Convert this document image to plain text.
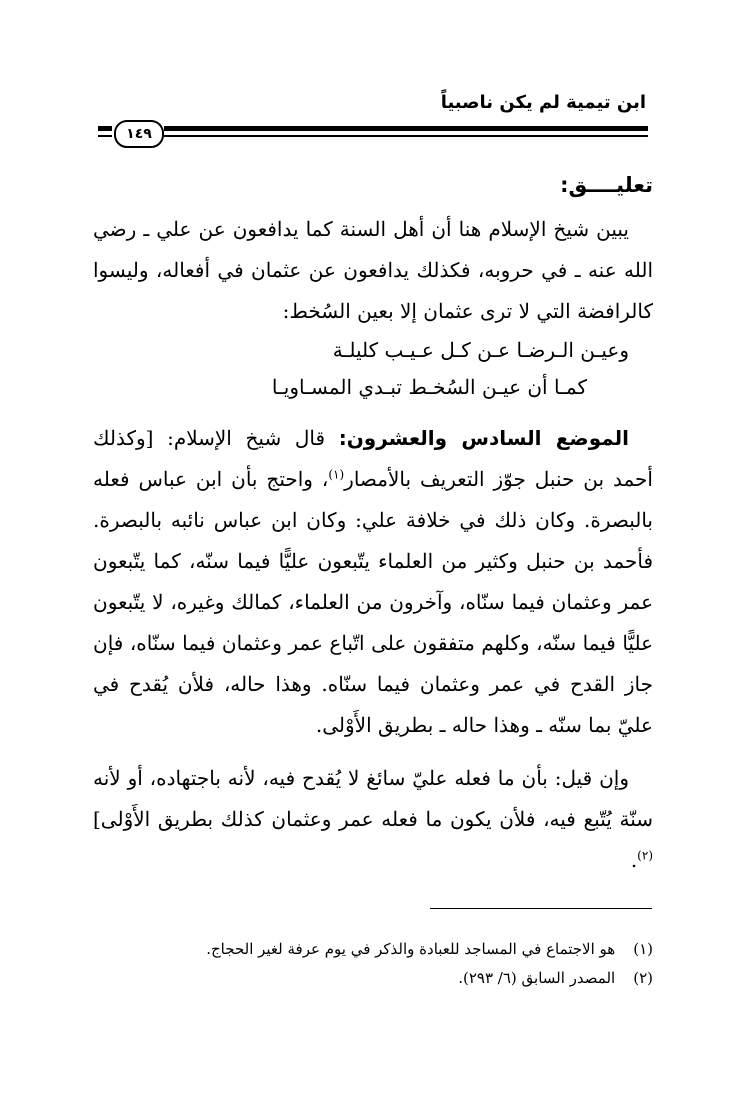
ابن تيمية لم يكن ناصبياً
١٤٩
تعليــــق:

يبين شيخ الإسلام هنا أن أهل السنة كما يدافعون عن علي ـ رضي الله عنه ـ في حروبه، فكذلك يدافعون عن عثمان في أفعاله، وليسوا كالرافضة التي لا ترى عثمان إلا بعين السُخط:

وعيـن الـرضـا عـن كـل عـيـب كليلـة
كمـا أن عيـن السُخـط تبـدي المسـاويـا

الموضع السادس والعشرون: قال شيخ الإسلام: [وكذلك أحمد بن حنبل جوّز التعريف بالأمصار$^{(١)}$، واحتج بأن ابن عباس فعله بالبصرة. وكان ذلك في خلافة علي: وكان ابن عباس نائبه بالبصرة. فأحمد بن حنبل وكثير من العلماء يتّبعون عليًّا فيما سنّه، كما يتّبعون عمر وعثمان فيما سنّاه، وآخرون من العلماء، كمالك وغيره، لا يتّبعون عليًّا فيما سنّه، وكلهم متفقون على اتّباع عمر وعثمان فيما سنّاه، فإن جاز القدح في عمر وعثمان فيما سنّاه. وهذا حاله، فلأن يُقدح في عليّ بما سنّه ـ وهذا حاله ـ بطريق الأَوْلى.

وإن قيل: بأن ما فعله عليّ سائغ لا يُقدح فيه، لأنه باجتهاده، أو لأنه سنّة يُتّبع فيه، فلأن يكون ما فعله عمر وعثمان كذلك بطريق الأَوْلى]$^{(٢)}$.

(١)هو الاجتماع في المساجد للعبادة والذكر في يوم عرفة لغير الحجاج.
(٢)المصدر السابق (٦/ ٢٩٣).
